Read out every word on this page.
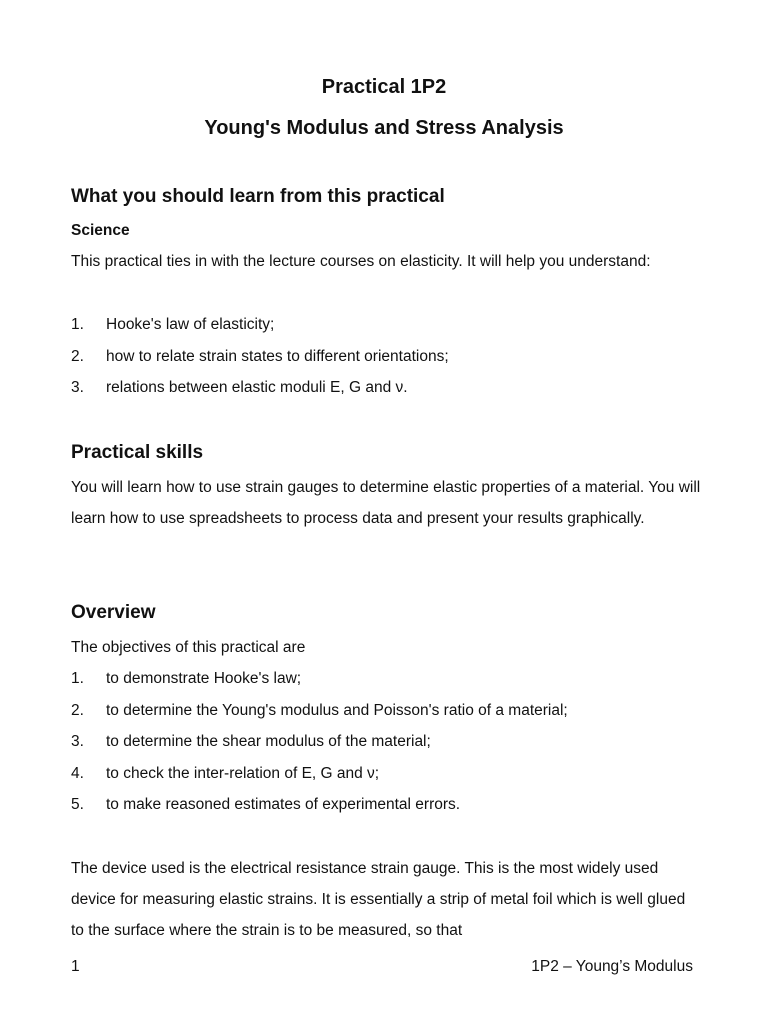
Practical 1P2
Young's Modulus and Stress Analysis
What you should learn from this practical
Science

This practical ties in with the lecture courses on elasticity. It will help you understand:

1.	Hooke's law of elasticity;
2.	how to relate strain states to different orientations;
3.	relations between elastic moduli E, G and ν.
Practical skills

You will learn how to use strain gauges to determine elastic properties of a material. You will learn how to use spreadsheets to process data and present your results graphically.

Overview

The objectives of this practical are

1.	to demonstrate Hooke's law;
2.	to determine the Young's modulus and Poisson's ratio of a material;
3.	to determine the shear modulus of the material;
4.	to check the inter-relation of E, G and ν;
5.	to make reasoned estimates of experimental errors.

The device used is the electrical resistance strain gauge. This is the most widely used device for measuring elastic strains. It is essentially a strip of metal foil which is well glued to the surface where the strain is to be measured, so that

1	1P2 – Young’s Modulus
